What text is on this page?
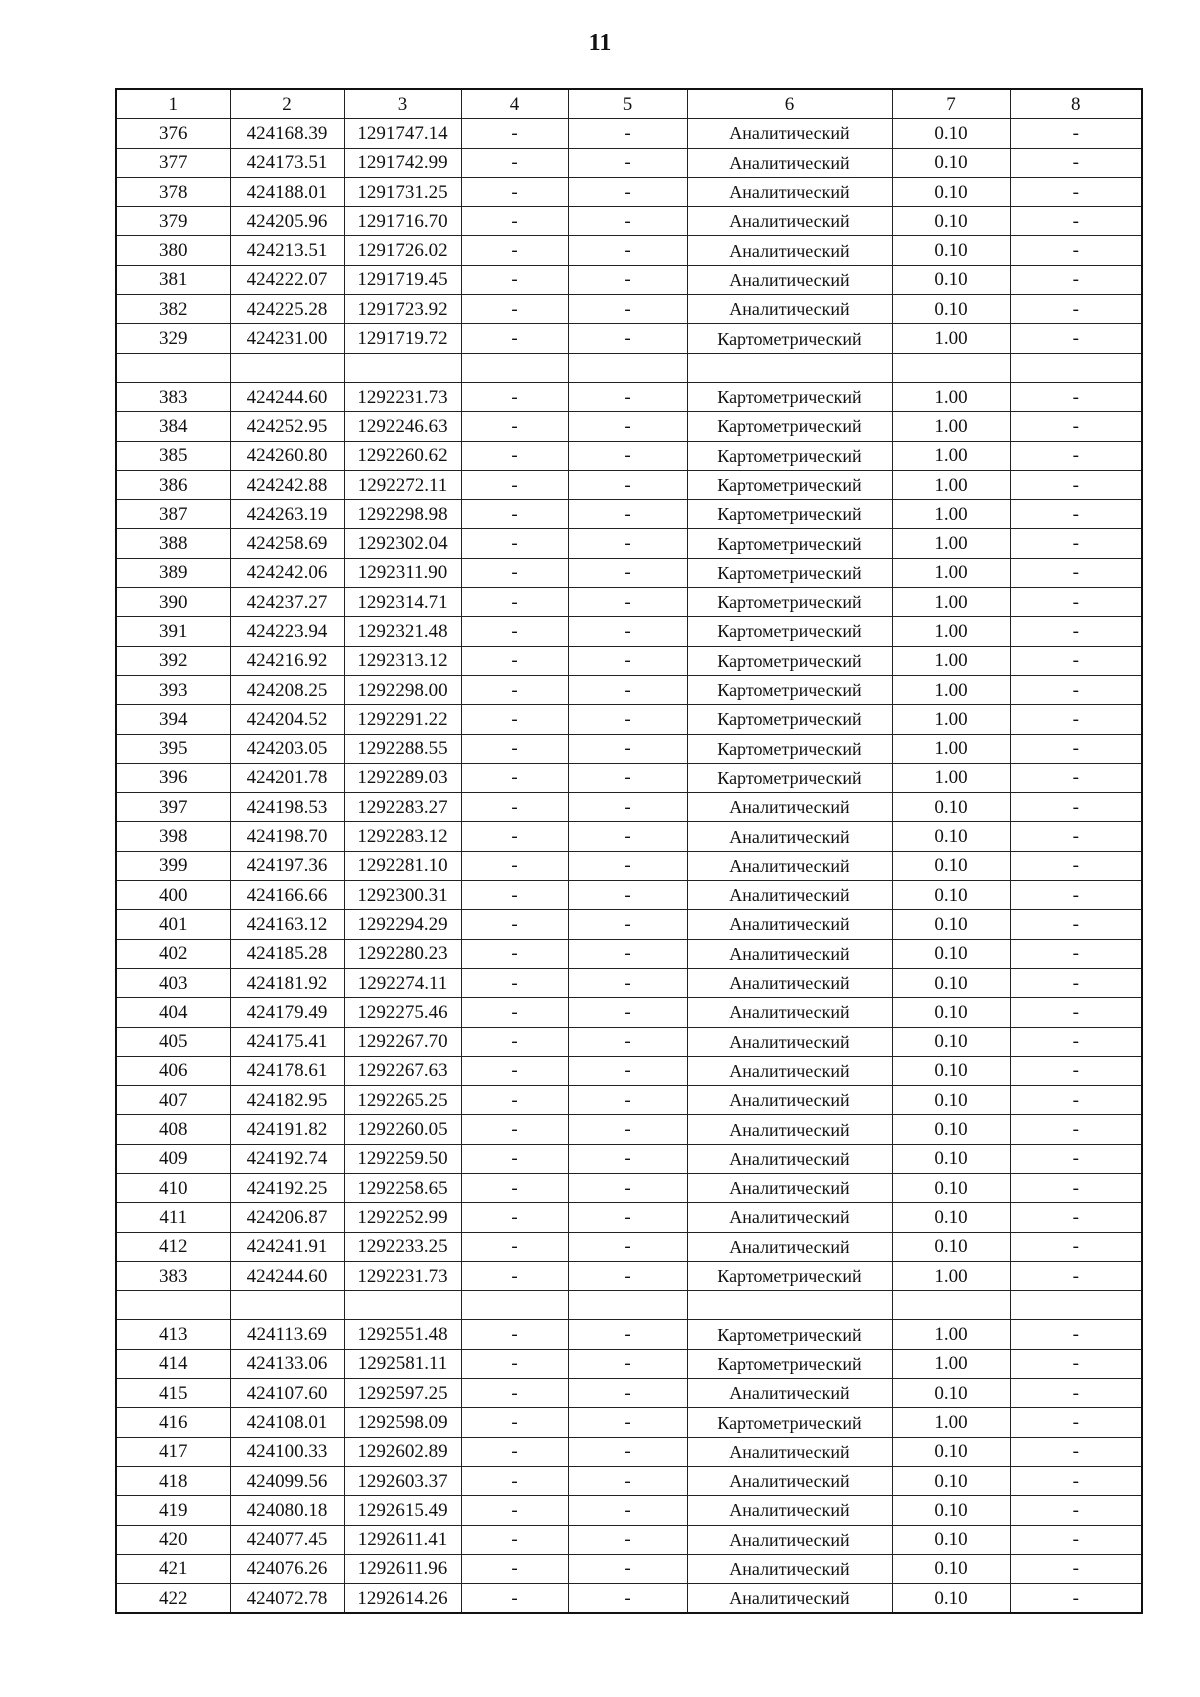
11
1	2	3	4	5	6	7	8
376	424168.39	1291747.14	-	-	Аналитический	0.10	-
377	424173.51	1291742.99	-	-	Аналитический	0.10	-
378	424188.01	1291731.25	-	-	Аналитический	0.10	-
379	424205.96	1291716.70	-	-	Аналитический	0.10	-
380	424213.51	1291726.02	-	-	Аналитический	0.10	-
381	424222.07	1291719.45	-	-	Аналитический	0.10	-
382	424225.28	1291723.92	-	-	Аналитический	0.10	-
329	424231.00	1291719.72	-	-	Картометрический	1.00	-

383	424244.60	1292231.73	-	-	Картометрический	1.00	-
384	424252.95	1292246.63	-	-	Картометрический	1.00	-
385	424260.80	1292260.62	-	-	Картометрический	1.00	-
386	424242.88	1292272.11	-	-	Картометрический	1.00	-
387	424263.19	1292298.98	-	-	Картометрический	1.00	-
388	424258.69	1292302.04	-	-	Картометрический	1.00	-
389	424242.06	1292311.90	-	-	Картометрический	1.00	-
390	424237.27	1292314.71	-	-	Картометрический	1.00	-
391	424223.94	1292321.48	-	-	Картометрический	1.00	-
392	424216.92	1292313.12	-	-	Картометрический	1.00	-
393	424208.25	1292298.00	-	-	Картометрический	1.00	-
394	424204.52	1292291.22	-	-	Картометрический	1.00	-
395	424203.05	1292288.55	-	-	Картометрический	1.00	-
396	424201.78	1292289.03	-	-	Картометрический	1.00	-
397	424198.53	1292283.27	-	-	Аналитический	0.10	-
398	424198.70	1292283.12	-	-	Аналитический	0.10	-
399	424197.36	1292281.10	-	-	Аналитический	0.10	-
400	424166.66	1292300.31	-	-	Аналитический	0.10	-
401	424163.12	1292294.29	-	-	Аналитический	0.10	-
402	424185.28	1292280.23	-	-	Аналитический	0.10	-
403	424181.92	1292274.11	-	-	Аналитический	0.10	-
404	424179.49	1292275.46	-	-	Аналитический	0.10	-
405	424175.41	1292267.70	-	-	Аналитический	0.10	-
406	424178.61	1292267.63	-	-	Аналитический	0.10	-
407	424182.95	1292265.25	-	-	Аналитический	0.10	-
408	424191.82	1292260.05	-	-	Аналитический	0.10	-
409	424192.74	1292259.50	-	-	Аналитический	0.10	-
410	424192.25	1292258.65	-	-	Аналитический	0.10	-
411	424206.87	1292252.99	-	-	Аналитический	0.10	-
412	424241.91	1292233.25	-	-	Аналитический	0.10	-
383	424244.60	1292231.73	-	-	Картометрический	1.00	-

413	424113.69	1292551.48	-	-	Картометрический	1.00	-
414	424133.06	1292581.11	-	-	Картометрический	1.00	-
415	424107.60	1292597.25	-	-	Аналитический	0.10	-
416	424108.01	1292598.09	-	-	Картометрический	1.00	-
417	424100.33	1292602.89	-	-	Аналитический	0.10	-
418	424099.56	1292603.37	-	-	Аналитический	0.10	-
419	424080.18	1292615.49	-	-	Аналитический	0.10	-
420	424077.45	1292611.41	-	-	Аналитический	0.10	-
421	424076.26	1292611.96	-	-	Аналитический	0.10	-
422	424072.78	1292614.26	-	-	Аналитический	0.10	-
